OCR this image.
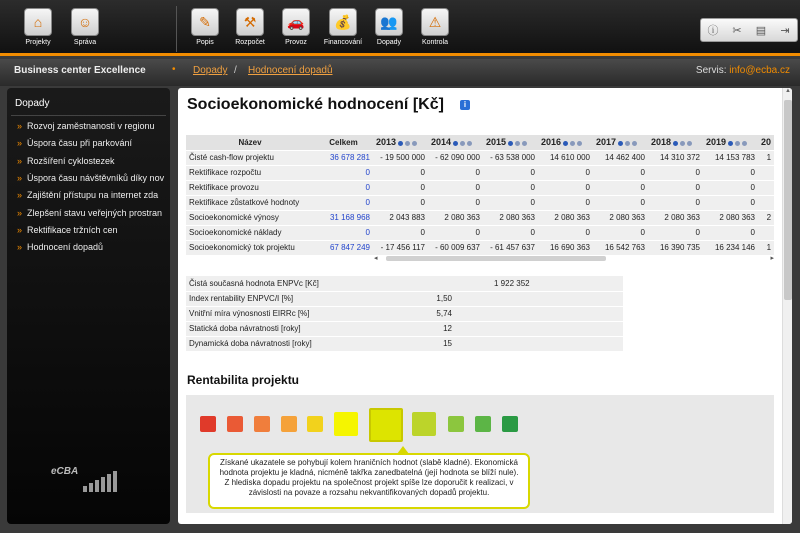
⌂
Projekty
☺
Správa
✎
Popis
⚒
Rozpočet
🚗
Provoz
💰
Financování
👥
Dopady
⚠
Kontrola
ⓘ	✂	▤	⇥
Business center Excellence	• Dopady / Hodnocení dopadů	Servis: info@ecba.cz
Dopady
eCBA
» Rozvoj zaměstnanosti v regionu
» Úspora času při parkování
» Rozšíření cyklostezek
» Úspora času návštěvníků díky nov
» Zajištění přístupu na internet zda
» Zlepšení stavu veřejných prostran
» Rektifikace tržních cen
» Hodnocení dopadů
Socioekonomické hodnocení [Kč]	i
Název	Celkem	2013	2014	2015	2016	2017	2018	2019	20
Čisté cash-flow projektu	36 678 281	- 19 500 000	- 62 090 000	- 63 538 000	14 610 000	14 462 400	14 310 372	14 153 783	1
Rektifikace rozpočtu	0	0	0	0	0	0	0	0	
Rektifikace provozu	0	0	0	0	0	0	0	0	
Rektifikace zůstatkové hodnoty	0	0	0	0	0	0	0	0	
Socioekonomické výnosy	31 168 968	2 043 883	2 080 363	2 080 363	2 080 363	2 080 363	2 080 363	2 080 363	2
Socioekonomické náklady	0	0	0	0	0	0	0	0	
Socioekonomický tok projektu	67 847 249	- 17 456 117	- 60 009 637	- 61 457 637	16 690 363	16 542 763	16 390 735	16 234 146	1
◂	▸
Čistá současná hodnota ENPVc [Kč]		1 922 352
Index rentability ENPVC/I [%]	1,50	
Vnitřní míra výnosnosti EIRRc [%]	5,74	
Statická doba návratnosti [roky]	12	
Dynamická doba návratnosti [roky]	15	
Rentabilita projektu
Získané ukazatele se pohybují kolem hraničních hodnot (slabě kladné). Ekonomická hodnota projektu je kladná, nicméně takřka zanedbatelná (její hodnota se blíží nule). Z hlediska dopadu projektu na společnost projekt spíše lze doporučit k realizaci, v závislosti na povaze a rozsahu nekvantifikovaných dopadů projektu.
▲
